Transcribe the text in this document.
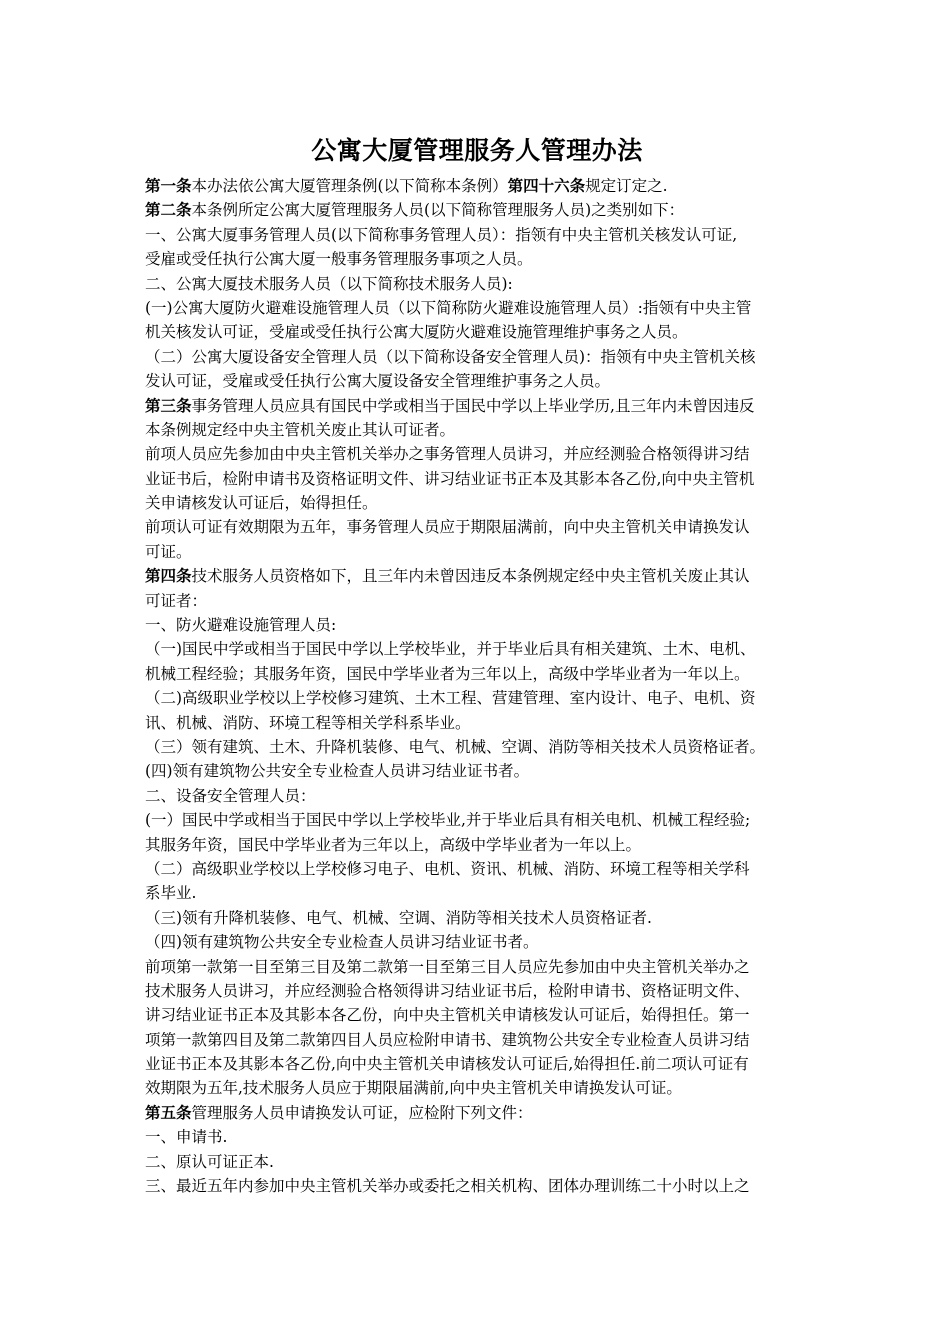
公寓大厦管理服务人管理办法
第一条本办法依公寓大厦管理条例(以下简称本条例）第四十六条规定订定之.
第二条本条例所定公寓大厦管理服务人员(以下简称管理服务人员)之类别如下：
一、公寓大厦事务管理人员(以下简称事务管理人员）：指领有中央主管机关核发认可证,
受雇或受任执行公寓大厦一般事务管理服务事项之人员。
二、公寓大厦技术服务人员（以下简称技术服务人员):
(一)公寓大厦防火避难设施管理人员（以下简称防火避难设施管理人员）:指领有中央主管
机关核发认可证，受雇或受任执行公寓大厦防火避难设施管理维护事务之人员。
（二）公寓大厦设备安全管理人员（以下简称设备安全管理人员)：指领有中央主管机关核
发认可证，受雇或受任执行公寓大厦设备安全管理维护事务之人员。
第三条事务管理人员应具有国民中学或相当于国民中学以上毕业学历,且三年内未曾因违反
本条例规定经中央主管机关废止其认可证者。
前项人员应先参加由中央主管机关举办之事务管理人员讲习，并应经测验合格领得讲习结
业证书后，检附申请书及资格证明文件、讲习结业证书正本及其影本各乙份,向中央主管机
关申请核发认可证后，始得担任。
前项认可证有效期限为五年，事务管理人员应于期限届满前，向中央主管机关申请换发认
可证。
第四条技术服务人员资格如下，且三年内未曾因违反本条例规定经中央主管机关废止其认
可证者：
一、防火避难设施管理人员:
（一)国民中学或相当于国民中学以上学校毕业，并于毕业后具有相关建筑、土木、电机、
机械工程经验；其服务年资，国民中学毕业者为三年以上，高级中学毕业者为一年以上。
（二)高级职业学校以上学校修习建筑、土木工程、营建管理、室内设计、电子、电机、资
讯、机械、消防、环境工程等相关学科系毕业。
（三）领有建筑、土木、升降机装修、电气、机械、空调、消防等相关技术人员资格证者。
(四)领有建筑物公共安全专业检查人员讲习结业证书者。
二、设备安全管理人员：
(一）国民中学或相当于国民中学以上学校毕业,并于毕业后具有相关电机、机械工程经验;
其服务年资，国民中学毕业者为三年以上，高级中学毕业者为一年以上。
（二）高级职业学校以上学校修习电子、电机、资讯、机械、消防、环境工程等相关学科
系毕业.
（三)领有升降机装修、电气、机械、空调、消防等相关技术人员资格证者.
（四)领有建筑物公共安全专业检查人员讲习结业证书者。
前项第一款第一目至第三目及第二款第一目至第三目人员应先参加由中央主管机关举办之
技术服务人员讲习，并应经测验合格领得讲习结业证书后，检附申请书、资格证明文件、
讲习结业证书正本及其影本各乙份，向中央主管机关申请核发认可证后，始得担任。第一
项第一款第四目及第二款第四目人员应检附申请书、建筑物公共安全专业检查人员讲习结
业证书正本及其影本各乙份,向中央主管机关申请核发认可证后,始得担任.前二项认可证有
效期限为五年,技术服务人员应于期限届满前,向中央主管机关申请换发认可证。
第五条管理服务人员申请换发认可证，应检附下列文件：
一、申请书.
二、原认可证正本.
三、最近五年内参加中央主管机关举办或委托之相关机构、团体办理训练二十小时以上之
